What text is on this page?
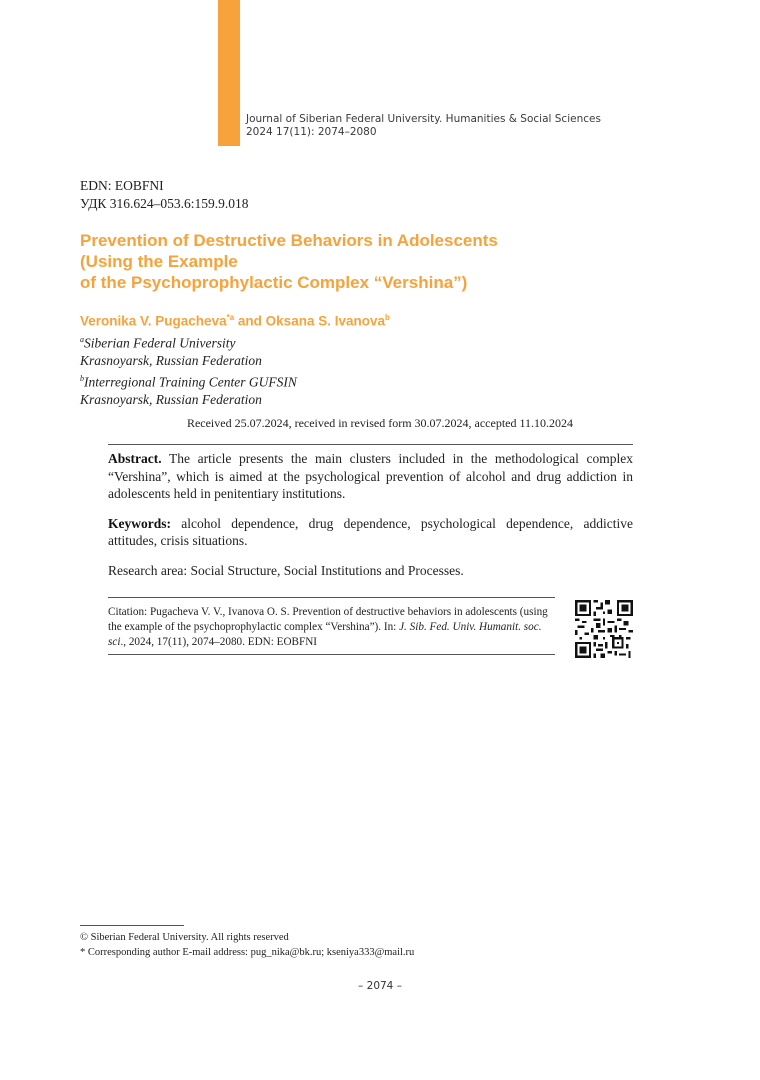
Journal of Siberian Federal University. Humanities & Social Sciences
2024 17(11): 2074–2080
EDN: EOBFNI
УДК 316.624–053.6:159.9.018
Prevention of Destructive Behaviors in Adolescents
(Using the Example
of the Psychoprophylactic Complex “Vershina”)
Veronika V. Pugacheva$^{*a}$ and Oksana S. Ivanova$^b$
$^a$Siberian Federal University
Krasnoyarsk, Russian Federation
$^b$Interregional Training Center GUFSIN
Krasnoyarsk, Russian Federation
Received 25.07.2024, received in revised form 30.07.2024, accepted 11.10.2024

Abstract. The article presents the main clusters included in the methodological complex “Vershina”, which is aimed at the psychological prevention of alcohol and drug addiction in adolescents held in penitentiary institutions.

Keywords: alcohol dependence, drug dependence, psychological dependence, addictive attitudes, crisis situations.

Research area: Social Structure, Social Institutions and Processes.

Citation: Pugacheva V. V., Ivanova O. S. Prevention of destructive behaviors in adolescents (using the example of the psychoprophylactic complex “Vershina”). In: J. Sib. Fed. Univ. Humanit. soc. sci., 2024, 17(11), 2074–2080. EDN: EOBFNI
© Siberian Federal University. All rights reserved
* Corresponding author E-mail address: pug_nika@bk.ru; kseniya333@mail.ru
– 2074 –
